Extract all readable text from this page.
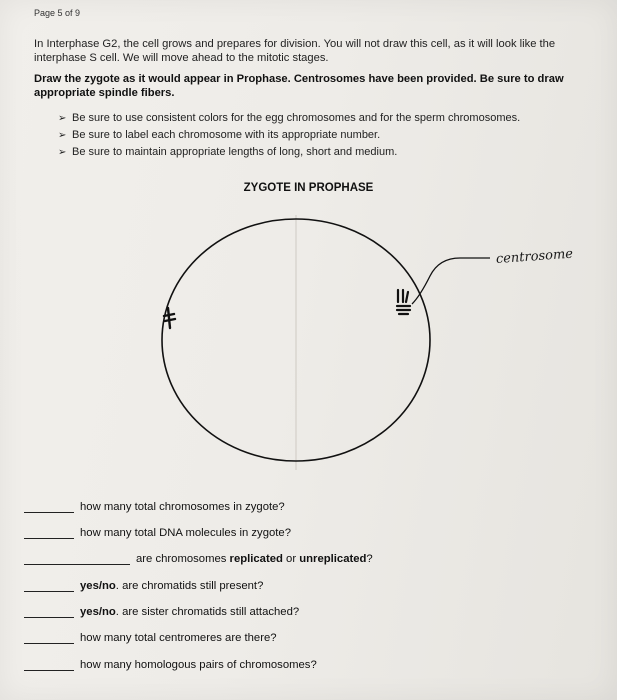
Page 5 of 9
In Interphase G2, the cell grows and prepares for division. You will not draw this cell, as it will look like the interphase S cell. We will move ahead to the mitotic stages.
Draw the zygote as it would appear in Prophase. Centrosomes have been provided. Be sure to draw appropriate spindle fibers.
➢ Be sure to use consistent colors for the egg chromosomes and for the sperm chromosomes.
➢ Be sure to label each chromosome with its appropriate number.
➢ Be sure to maintain appropriate lengths of long, short and medium.
ZYGOTE IN PROPHASE
centrosome
how many total chromosomes in zygote?
how many total DNA molecules in zygote?
are chromosomes replicated or unreplicated?
yes/no. are chromatids still present?
yes/no. are sister chromatids still attached?
how many total centromeres are there?
how many homologous pairs of chromosomes?
